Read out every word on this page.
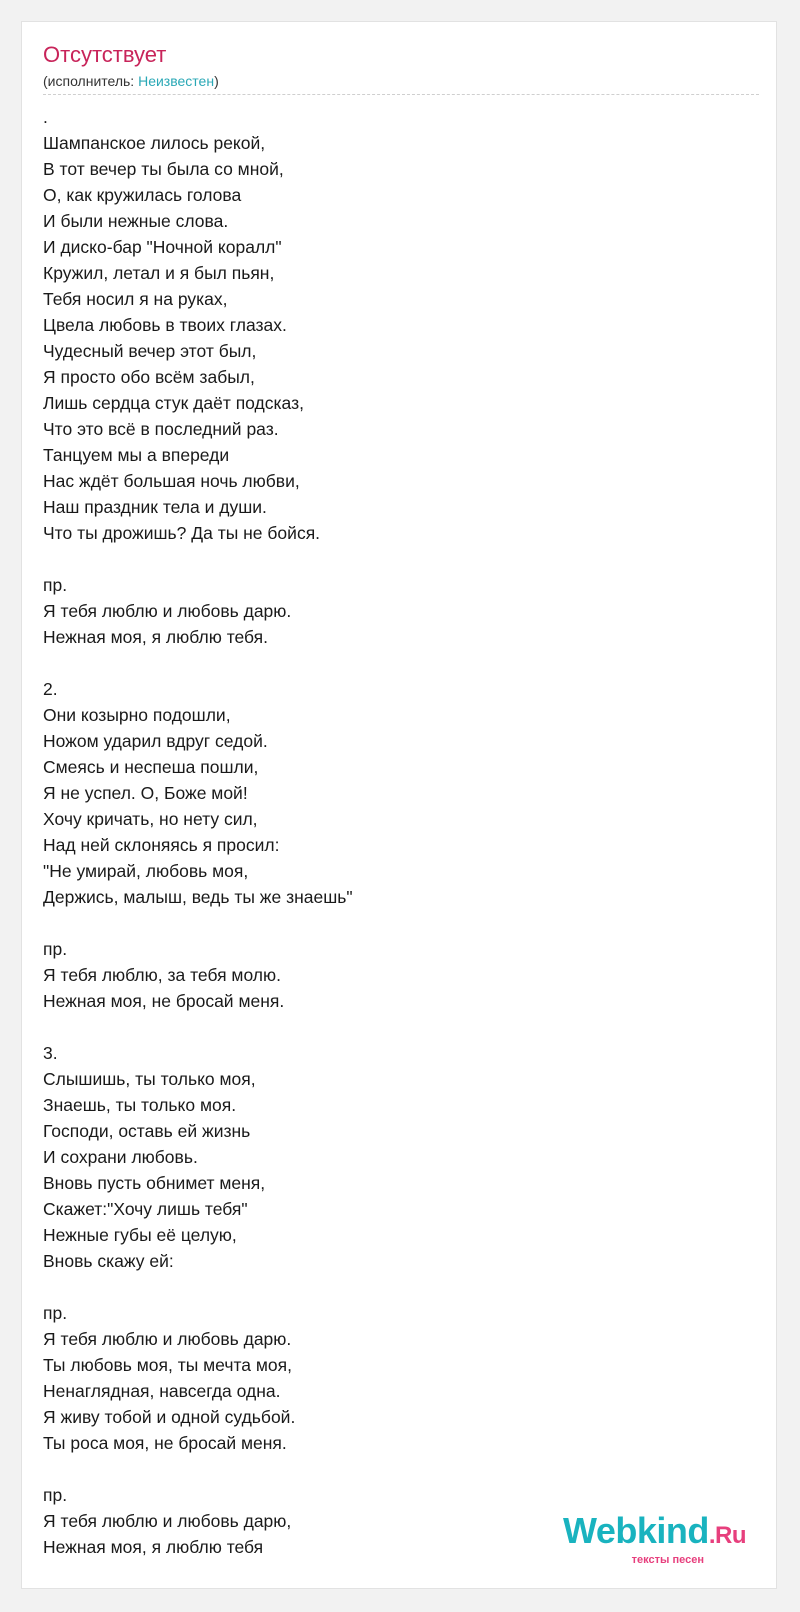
Отсутствует
(исполнитель: Неизвестен)
.
Шампанское лилось рекой,
В тот вечер ты была со мной,
О, как кружилась голова
И были нежные слова.
И диско-бар "Ночной коралл"
Кружил, летал и я был пьян,
Тебя носил я на руках,
Цвела любовь в твоих глазах.
Чудесный вечер этот был,
Я просто обо всём забыл,
Лишь сердца стук даёт подсказ,
Что это всё в последний раз.
Танцуем мы а впереди
Нас ждёт большая ночь любви,
Наш праздник тела и души.
Что ты дрожишь? Да ты не бойся.
пр.
Я тебя люблю и любовь дарю.
Нежная моя, я люблю тебя.
2.
Они козырно подошли,
Ножом ударил вдруг седой.
Смеясь и неспеша пошли,
Я не успел. О, Боже мой!
Хочу кричать, но нету сил,
Над ней склоняясь я просил:
"Не умирай, любовь моя,
Держись, малыш, ведь ты же знаешь"
пр.
Я тебя люблю, за тебя молю.
Нежная моя, не бросай меня.
3.
Слышишь, ты только моя,
Знаешь, ты только моя.
Господи, оставь ей жизнь
И сохрани любовь.
Вновь пусть обнимет меня,
Скажет:"Хочу лишь тебя"
Нежные губы её целую,
Вновь скажу ей:
пр.
Я тебя люблю и любовь дарю.
Ты любовь моя, ты мечта моя,
Ненаглядная, навсегда одна.
Я живу тобой и одной судьбой.
Ты роса моя, не бросай меня.
пр.
Я тебя люблю и любовь дарю,
Нежная моя, я люблю тебя	Webkind.Ru
тексты песен
